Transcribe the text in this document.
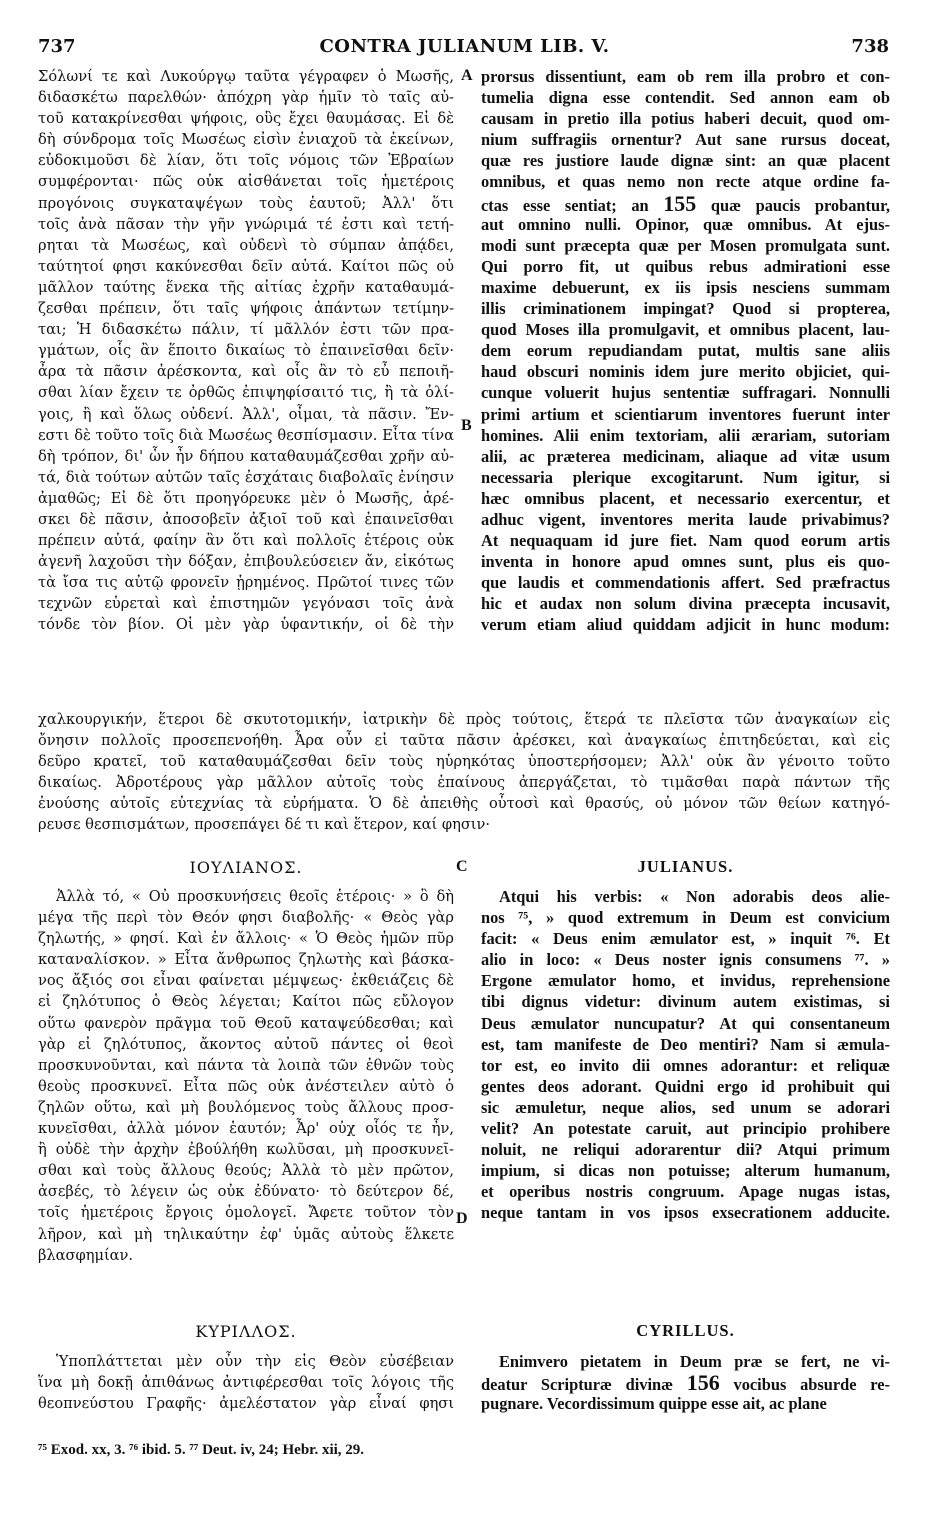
737	CONTRA JULIANUM LIB. V.	738
Σόλωνί τε καὶ Λυκούργῳ ταῦτα γέγραφεν ὁ Μωσῆς,
διδασκέτω παρελθών· ἀπόχρη γὰρ ἡμῖν τὸ ταῖς αὐ-
τοῦ κατακρίνεσθαι ψήφοις, οὓς ἔχει θαυμάσας. Εἰ δὲ
δὴ σύνδρομα τοῖς Μωσέως εἰσὶν ἐνιαχοῦ τὰ ἐκείνων,
εὐδοκιμοῦσι δὲ λίαν, ὅτι τοῖς νόμοις τῶν Ἑβραίων
συμφέρονται· πῶς οὐκ αἰσθάνεται τοῖς ἡμετέροις
προγόνοις συγκαταψέγων τοὺς ἑαυτοῦ; Ἀλλ' ὅτι
τοῖς ἀνὰ πᾶσαν τὴν γῆν γνώριμά τέ ἐστι καὶ τετή-
ρηται τὰ Μωσέως, καὶ οὐδενὶ τὸ σύμπαν ἀπᾴδει,
ταύτητοί φησι κακύνεσθαι δεῖν αὐτά. Καίτοι πῶς οὐ
μᾶλλον ταύτης ἕνεκα τῆς αἰτίας ἐχρῆν καταθαυμά-
ζεσθαι πρέπειν, ὅτι ταῖς ψήφοις ἁπάντων τετίμην-
ται; Ἡ διδασκέτω πάλιν, τί μᾶλλόν ἐστι τῶν πρα-
γμάτων, οἷς ἂν ἕποιτο δικαίως τὸ ἐπαινεῖσθαι δεῖν·
ἆρα τὰ πᾶσιν ἀρέσκοντα, καὶ οἷς ἂν τὸ εὖ πεποιῆ-
σθαι λίαν ἔχειν τε ὀρθῶς ἐπιψηφίσαιτό τις, ἢ τὰ ὀλί-
γοις, ἢ καὶ ὅλως οὐδενί. Ἀλλ', οἶμαι, τὰ πᾶσιν. Ἔν-
εστι δὲ τοῦτο τοῖς διὰ Μωσέως θεσπίσμασιν. Εἶτα τίνα
δὴ τρόπον, δι' ὧν ἦν δήπου καταθαυμάζεσθαι χρῆν αὐ-
τά, διὰ τούτων αὐτῶν ταῖς ἐσχάταις διαβολαῖς ἐνίησιν
ἀμαθῶς; Εἰ δὲ ὅτι προηγόρευκε μὲν ὁ Μωσῆς, ἀρέ-
σκει δὲ πᾶσιν, ἀποσοβεῖν ἀξιοῖ τοῦ καὶ ἐπαινεῖσθαι
πρέπειν αὐτά, φαίην ἂν ὅτι καὶ πολλοῖς ἑτέροις οὐκ
ἀγενῆ λαχοῦσι τὴν δόξαν, ἐπιβουλεύσειεν ἄν, εἰκότως
τὰ ἴσα τις αὐτῷ φρονεῖν ᾑρημένος. Πρῶτοί τινες τῶν
τεχνῶν εὑρεταὶ καὶ ἐπιστημῶν γεγόνασι τοῖς ἀνὰ
τόνδε τὸν βίον. Οἱ μὲν γὰρ ὑφαντικήν, οἱ δὲ τὴν
A
B
prorsus dissentiunt, eam ob rem illa probro et con-
tumelia digna esse contendit. Sed annon eam ob
causam in pretio illa potius haberi decuit, quod om-
nium suffragiis ornentur? Aut sane rursus doceat,
quæ res justiore laude dignæ sint: an quæ placent
omnibus, et quas nemo non recte atque ordine fa-
ctas esse sentiat; an 155 quæ paucis probantur,
aut omnino nulli. Opinor, quæ omnibus. At ejus-
modi sunt præcepta quæ per Mosen promulgata sunt.
Qui porro fit, ut quibus rebus admirationi esse
maxime debuerunt, ex iis ipsis nesciens summam
illis criminationem impingat? Quod si propterea,
quod Moses illa promulgavit, et omnibus placent, lau-
dem eorum repudiandam putat, multis sane aliis
haud obscuri nominis idem jure merito objiciet, qui-
cunque voluerit hujus sententiæ suffragari. Nonnulli
primi artium et scientiarum inventores fuerunt inter
homines. Alii enim textoriam, alii ærariam, sutoriam
alii, ac præterea medicinam, aliaque ad vitæ usum
necessaria plerique excogitarunt. Num igitur, si
hæc omnibus placent, et necessario exercentur, et
adhuc vigent, inventores merita laude privabimus?
At nequaquam id jure fiet. Nam quod eorum artis
inventa in honore apud omnes sunt, plus eis quo-
que laudis et commendationis affert. Sed præfractus
hic et audax non solum divina præcepta incusavit,
verum etiam aliud quiddam adjicit in hunc modum:
χαλκουργικήν, ἕτεροι δὲ σκυτοτομικήν, ἰατρικὴν δὲ πρὸς τούτοις, ἕτερά τε πλεῖστα τῶν ἀναγκαίων εἰς
ὄνησιν πολλοῖς προσεπενοήθη. Ἆρα οὖν εἰ ταῦτα πᾶσιν ἀρέσκει, καὶ ἀναγκαίως ἐπιτηδεύεται, καὶ εἰς
δεῦρο κρατεῖ, τοῦ καταθαυμάζεσθαι δεῖν τοὺς ηὑρηκότας ὑποστερήσομεν; Ἀλλ' οὐκ ἂν γένοιτο τοῦτο
δικαίως. Ἀδροτέρους γὰρ μᾶλλον αὐτοῖς τοὺς ἐπαίνους ἀπεργάζεται, τὸ τιμᾶσθαι παρὰ πάντων τῆς
ἐνούσης αὐτοῖς εὐτεχνίας τὰ εὑρήματα. Ὁ δὲ ἀπειθὴς οὗτοσὶ καὶ θρασύς, οὐ μόνον τῶν θείων κατηγό-
ρευσε θεσπισμάτων, προσεπάγει δέ τι καὶ ἕτερον, καί φησιν·
ΙΟΥΛΙΑΝΟΣ.	C	JULIANUS.
Ἀλλὰ τό, « Οὐ προσκυνήσεις θεοῖς ἑτέροις· » ὃ δὴ
μέγα τῆς περὶ τὸν Θεόν φησι διαβολῆς· « Θεὸς γὰρ
ζηλωτής, » φησί. Καὶ ἐν ἄλλοις· « Ὁ Θεὸς ἡμῶν πῦρ
καταναλίσκον. » Εἶτα ἄνθρωπος ζηλωτὴς καὶ βάσκα-
νος ἄξιός σοι εἶναι φαίνεται μέμψεως· ἐκθειάζεις δὲ
εἰ ζηλότυπος ὁ Θεὸς λέγεται; Καίτοι πῶς εὔλογον
οὕτω φανερὸν πρᾶγμα τοῦ Θεοῦ καταψεύδεσθαι; καὶ
γὰρ εἰ ζηλότυπος, ἄκοντος αὐτοῦ πάντες οἱ θεοὶ
προσκυνοῦνται, καὶ πάντα τὰ λοιπὰ τῶν ἐθνῶν τοὺς
θεοὺς προσκυνεῖ. Εἶτα πῶς οὐκ ἀνέστειλεν αὐτὸ ὁ
ζηλῶν οὕτω, καὶ μὴ βουλόμενος τοὺς ἄλλους προσ-
κυνεῖσθαι, ἀλλὰ μόνον ἑαυτόν; Ἆρ' οὐχ οἷός τε ἦν,
ἢ οὐδὲ τὴν ἀρχὴν ἐβούλήθη κωλῦσαι, μὴ προσκυνεῖ-
σθαι καὶ τοὺς ἄλλους θεούς; Ἀλλὰ τὸ μὲν πρῶτον,
ἀσεβές, τὸ λέγειν ὡς οὐκ ἐδύνατο· τὸ δεύτερον δέ,
τοῖς ἡμετέροις ἔργοις ὁμολογεῖ. Ἄφετε τοῦτον τὸν
λῆρον, καὶ μὴ τηλικαύτην ἐφ' ὑμᾶς αὐτοὺς ἕλκετε
βλασφημίαν.
D
Atqui his verbis: « Non adorabis deos alie-
nos ⁷⁵, » quod extremum in Deum est convicium
facit: « Deus enim æmulator est, » inquit ⁷⁶. Et
alio in loco: « Deus noster ignis consumens ⁷⁷. »
Ergone æmulator homo, et invidus, reprehensione
tibi dignus videtur: divinum autem existimas, si
Deus æmulator nuncupatur? At qui consentaneum
est, tam manifeste de Deo mentiri? Nam si æmula-
tor est, eo invito dii omnes adorantur: et reliquæ
gentes deos adorant. Quidni ergo id prohibuit qui
sic æmuletur, neque alios, sed unum se adorari
velit? An potestate caruit, aut principio prohibere
noluit, ne reliqui adorarentur dii? Atqui primum
impium, si dicas non potuisse; alterum humanum,
et operibus nostris congruum. Apage nugas istas,
neque tantam in vos ipsos exsecrationem adducite.
ΚΥΡΙΛΛΟΣ.	CYRILLUS.
Ὑποπλάττεται μὲν οὖν τὴν εἰς Θεὸν εὐσέβειαν
ἵνα μὴ δοκῇ ἀπιθάνως ἀντιφέρεσθαι τοῖς λόγοις τῆς
θεοπνεύστου Γραφῆς· ἀμελέστατον γὰρ εἶναί φησι
Enimvero pietatem in Deum præ se fert, ne vi-
deatur Scripturæ divinæ 156 vocibus absurde re-
pugnare. Vecordissimum quippe esse ait, ac plane
⁷⁵ Exod. xx, 3. ⁷⁶ ibid. 5. ⁷⁷ Deut. iv, 24; Hebr. xii, 29.
